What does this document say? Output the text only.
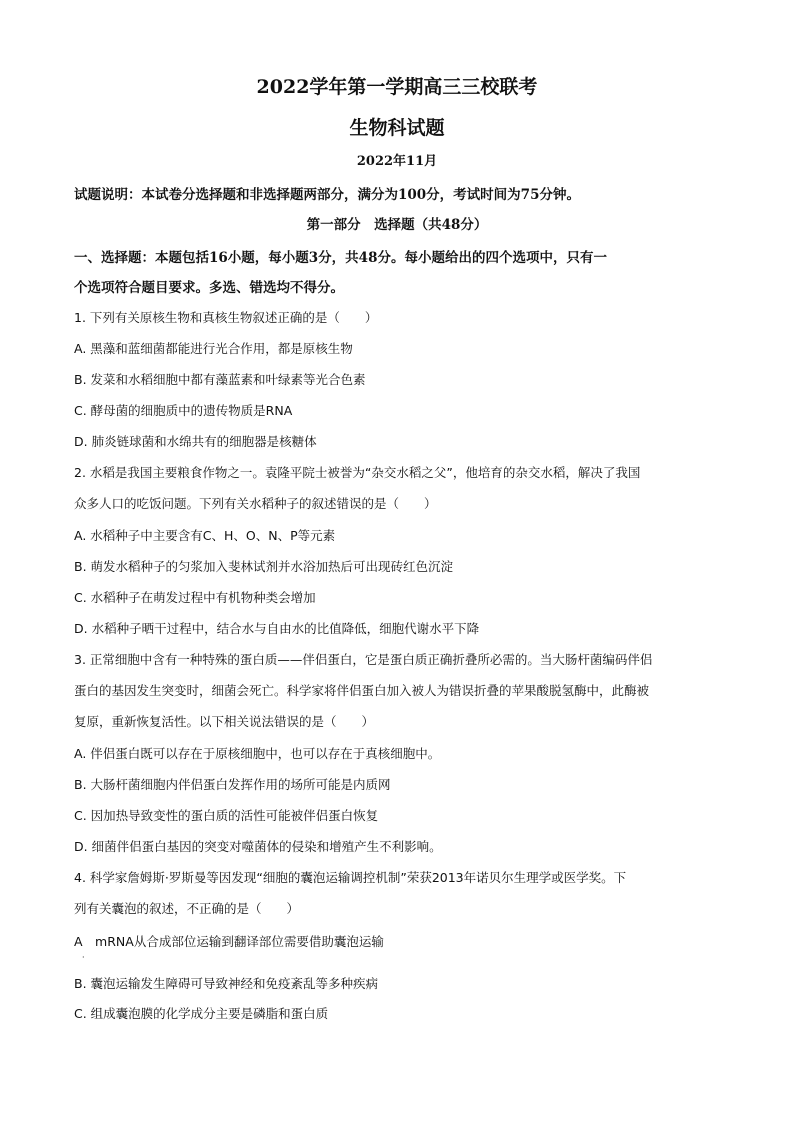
2022学年第一学期高三三校联考
生物科试题
2022年11月
试题说明：本试卷分选择题和非选择题两部分，满分为100分，考试时间为75分钟。
第一部分　选择题（共48分）
一、选择题：本题包括16小题，每小题3分，共48分。每小题给出的四个选项中，只有一
个选项符合题目要求。多选、错选均不得分。
1. 下列有关原核生物和真核生物叙述正确的是（　　）
A. 黑藻和蓝细菌都能进行光合作用，都是原核生物
B. 发菜和水稻细胞中都有藻蓝素和叶绿素等光合色素
C. 酵母菌的细胞质中的遗传物质是RNA
D. 肺炎链球菌和水绵共有的细胞器是核糖体
2. 水稻是我国主要粮食作物之一。袁隆平院士被誉为“杂交水稻之父”，他培育的杂交水稻，解决了我国
众多人口的吃饭问题。下列有关水稻种子的叙述错误的是（　　）
A. 水稻种子中主要含有C、H、O、N、P等元素
B. 萌发水稻种子的匀浆加入斐林试剂并水浴加热后可出现砖红色沉淀
C. 水稻种子在萌发过程中有机物种类会增加
D. 水稻种子晒干过程中，结合水与自由水的比值降低，细胞代谢水平下降
3. 正常细胞中含有一种特殊的蛋白质——伴侣蛋白，它是蛋白质正确折叠所必需的。当大肠杆菌编码伴侣
蛋白的基因发生突变时，细菌会死亡。科学家将伴侣蛋白加入被人为错误折叠的苹果酸脱氢酶中，此酶被
复原，重新恢复活性。以下相关说法错误的是（　　）
A. 伴侣蛋白既可以存在于原核细胞中，也可以存在于真核细胞中。
B. 大肠杆菌细胞内伴侣蛋白发挥作用的场所可能是内质网
C. 因加热导致变性的蛋白质的活性可能被伴侣蛋白恢复
D. 细菌伴侣蛋白基因的突变对噬菌体的侵染和增殖产生不利影响。
4. 科学家詹姆斯·罗斯曼等因发现“细胞的囊泡运输调控机制”荣获2013年诺贝尔生理学或医学奖。下
列有关囊泡的叙述，不正确的是（　　）
A　mRNA从合成部位运输到翻译部位需要借助囊泡运输
·
B. 囊泡运输发生障碍可导致神经和免疫紊乱等多种疾病
C. 组成囊泡膜的化学成分主要是磷脂和蛋白质
